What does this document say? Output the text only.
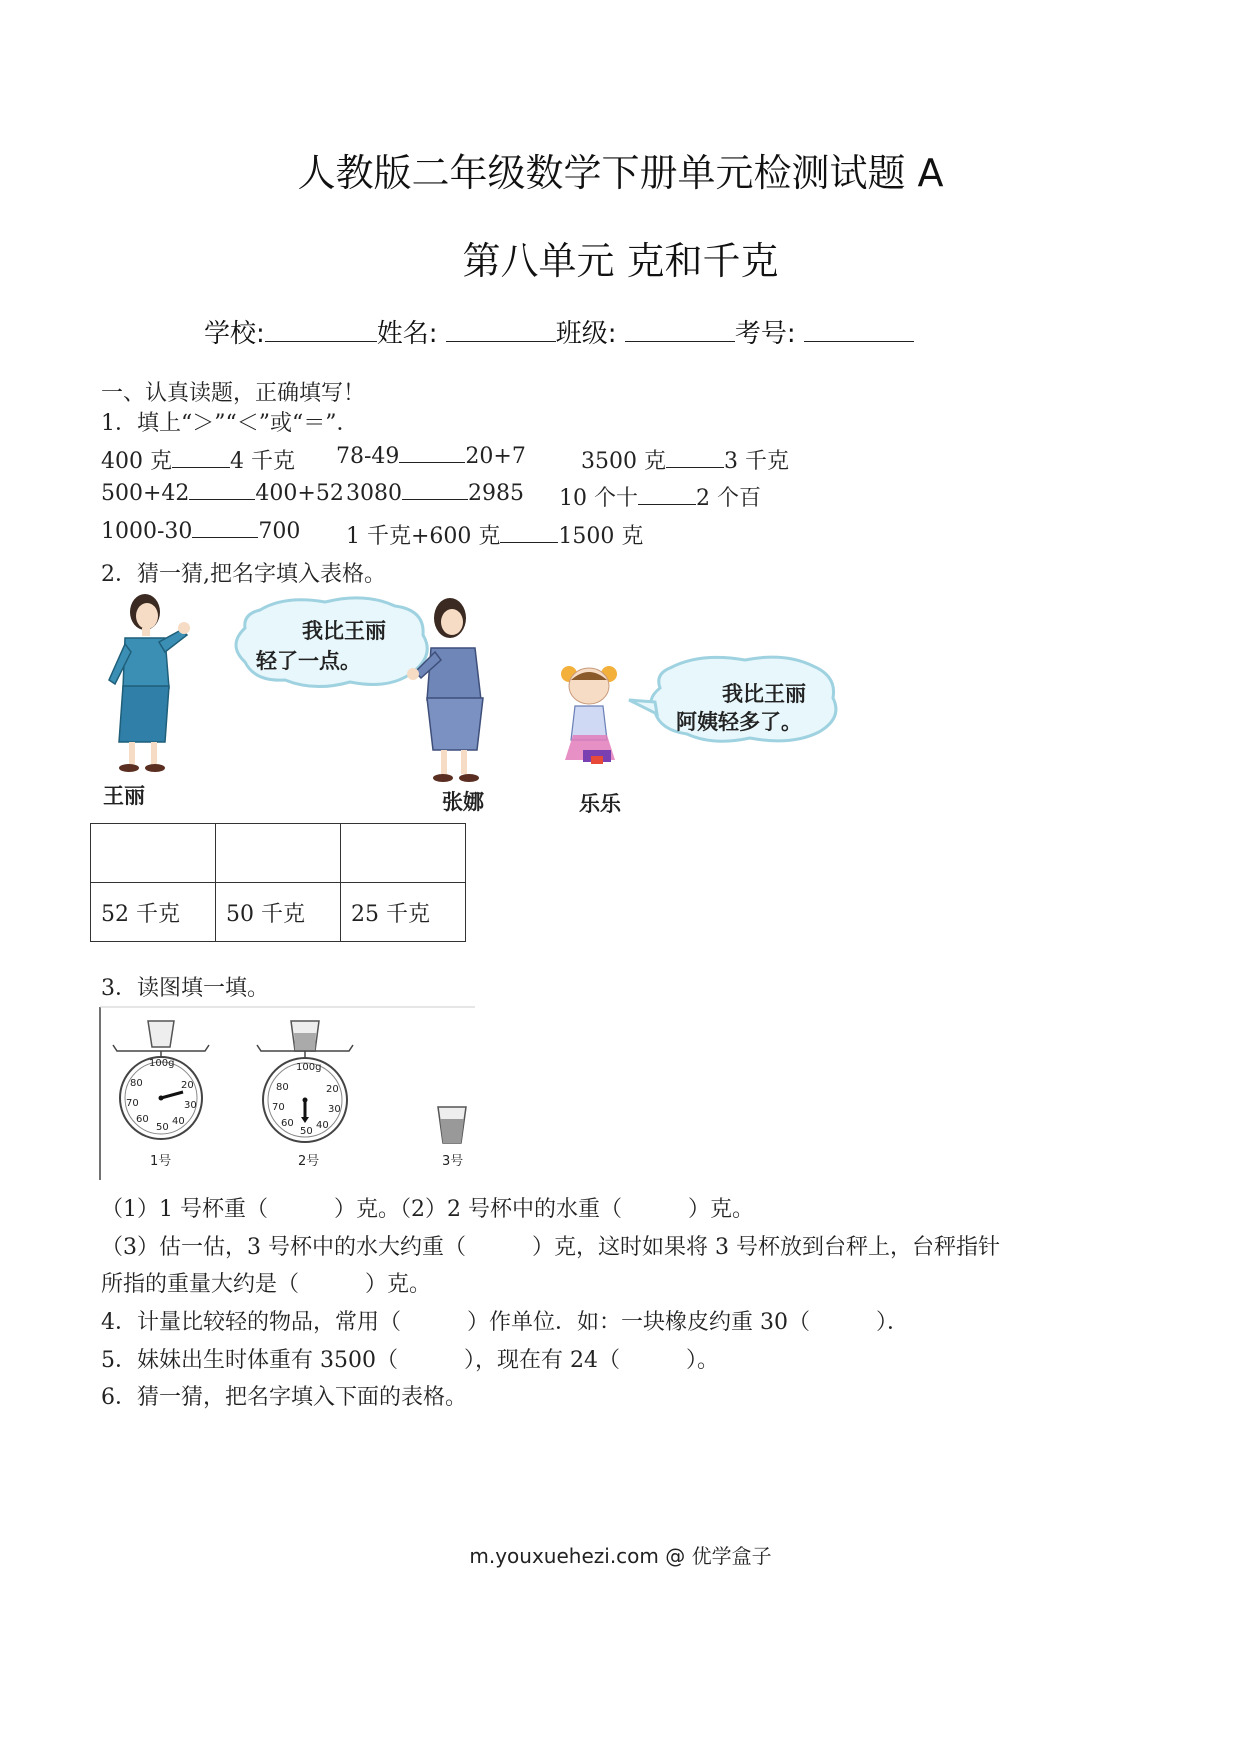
人教版二年级数学下册单元检测试题 A
第八单元 克和千克
学校:	姓名:	班级:	考号:
一、认真读题，正确填写！
1．填上“＞”“＜”或“＝”．
400 克	4 千克 78-49	20+7	3500 克	3 千克
500+42	400+52 3080	2985 10 个十	2 个百
1000-30	700 1 千克+600 克	1500 克
2．猜一猜,把名字填入表格。
我比王丽
轻了一点。
我比王丽
阿姨轻多了。
王丽	张娜	乐乐

52 千克	50 千克	25 千克
3．读图填一填。
100g
20
30
40
50
60
70
80
100g
20
30
40
50
60
70
80
1号	2号	3号
（1）1 号杯重（　　　）克。（2）2 号杯中的水重（　　　）克。
（3）估一估，3 号杯中的水大约重（　　　）克，这时如果将 3 号杯放到台秤上，台秤指针
所指的重量大约是（　　　）克。
4．计量比较轻的物品，常用（　　　）作单位．如：一块橡皮约重 30（　　　）．
5．妹妹出生时体重有 3500（　　　），现在有 24（　　　）。
6．猜一猜，把名字填入下面的表格。
m.youxuehezi.com @ 优学盒子
